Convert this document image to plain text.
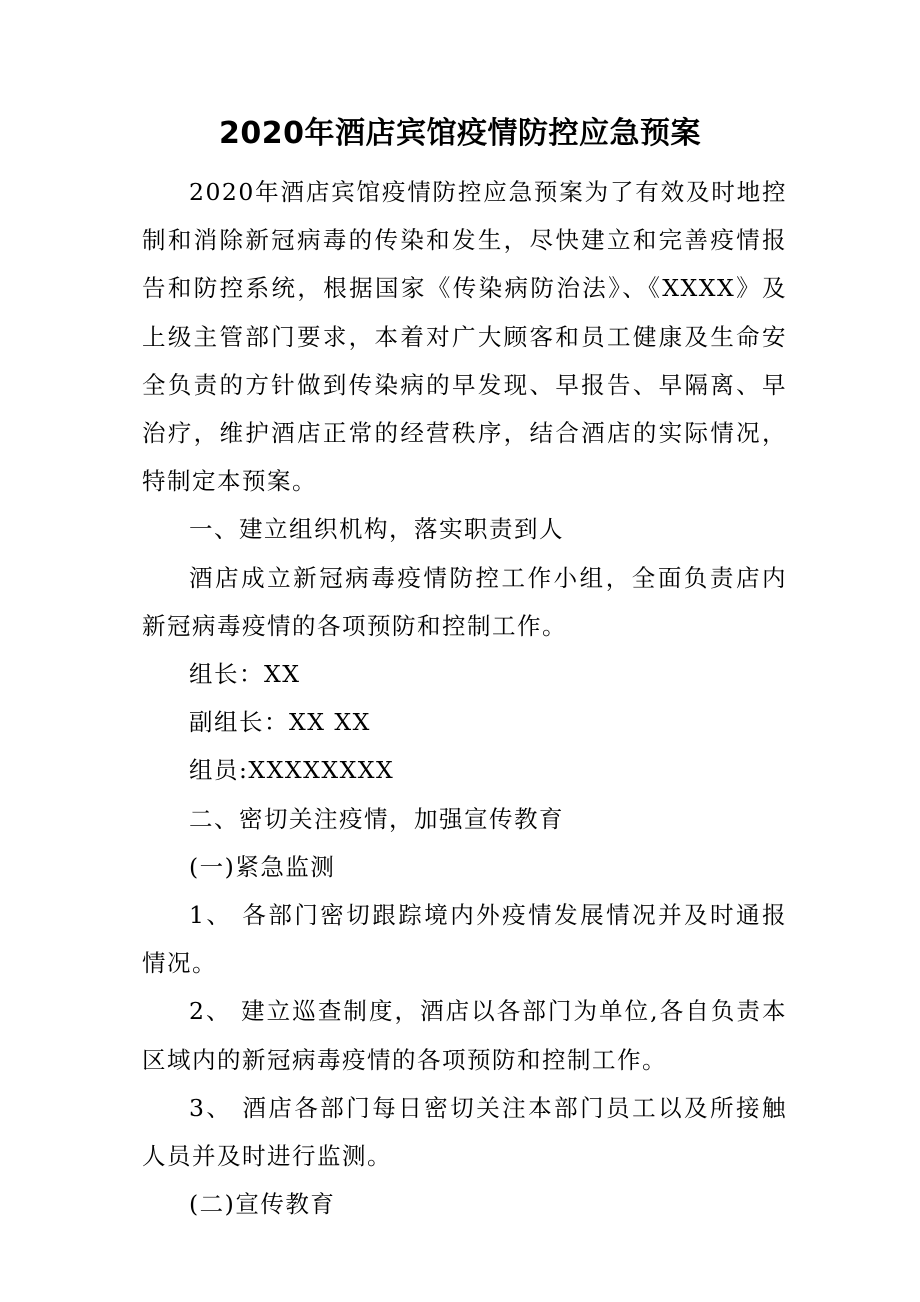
2020年酒店宾馆疫情防控应急预案

2020年酒店宾馆疫情防控应急预案为了有效及时地控制和消除新冠病毒的传染和发生，尽快建立和完善疫情报告和防控系统，根据国家《传染病防治法》、《XXXX》及上级主管部门要求，本着对广大顾客和员工健康及生命安全负责的方针做到传染病的早发现、早报告、早隔离、早治疗，维护酒店正常的经营秩序，结合酒店的实际情况，特制定本预案。

一、建立组织机构，落实职责到人

酒店成立新冠病毒疫情防控工作小组，全面负责店内新冠病毒疫情的各项预防和控制工作。

组长：XX

副组长：XX XX

组员:XXXXXXXX

二、密切关注疫情，加强宣传教育

(一)紧急监测

1、 各部门密切跟踪境内外疫情发展情况并及时通报情况。

2、 建立巡查制度，酒店以各部门为单位,各自负责本区域内的新冠病毒疫情的各项预防和控制工作。

3、 酒店各部门每日密切关注本部门员工以及所接触人员并及时进行监测。

(二)宣传教育
